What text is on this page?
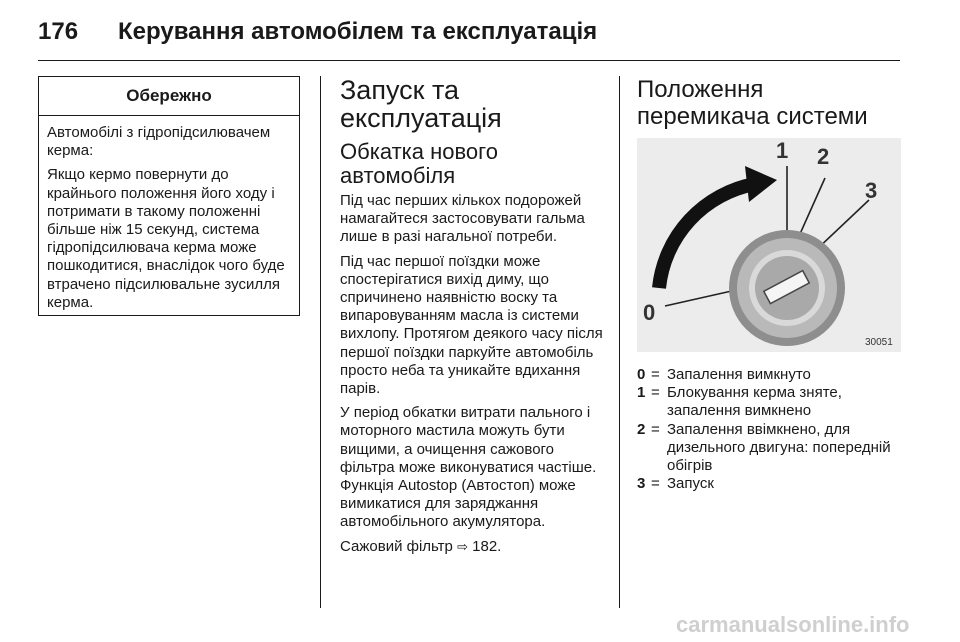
176 Керування автомобілем та експлуатація
Обережно

Автомобілі з гідропідсилювачем керма:

Якщо кермо повернути до крайнього положення його ходу і потримати в такому положенні більше ніж 15 секунд, система гідропідсилювача керма може пошкодитися, внаслідок чого буде втрачено підсилювальне зусилля керма.

Запуск та експлуатація
Обкатка нового автомобіля

Під час перших кількох подорожей намагайтеся застосовувати гальма лише в разі нагальної потреби.

Під час першої поїздки може спостерігатися вихід диму, що спричинено наявністю воску та випаровуванням масла із системи вихлопу. Протягом деякого часу після першої поїздки паркуйте автомобіль просто неба та уникайте вдихання парів.

У період обкатки витрати пального і моторного мастила можуть бути вищими, а очищення сажового фільтра може виконуватися частіше. Функція Autostop (Автостоп) може вимикатися для заряджання автомобільного акумулятора.

Сажовий фільтр ⇨ 182.

Положення перемикача системи
1 2
3
0
30051
0 = Запалення вимкнуто
1 = Блокування керма зняте, запалення вимкнено
2 = Запалення ввімкнено, для дизельного двигуна: попередній обігрів
3 = Запуск
carmanualsonline.info
